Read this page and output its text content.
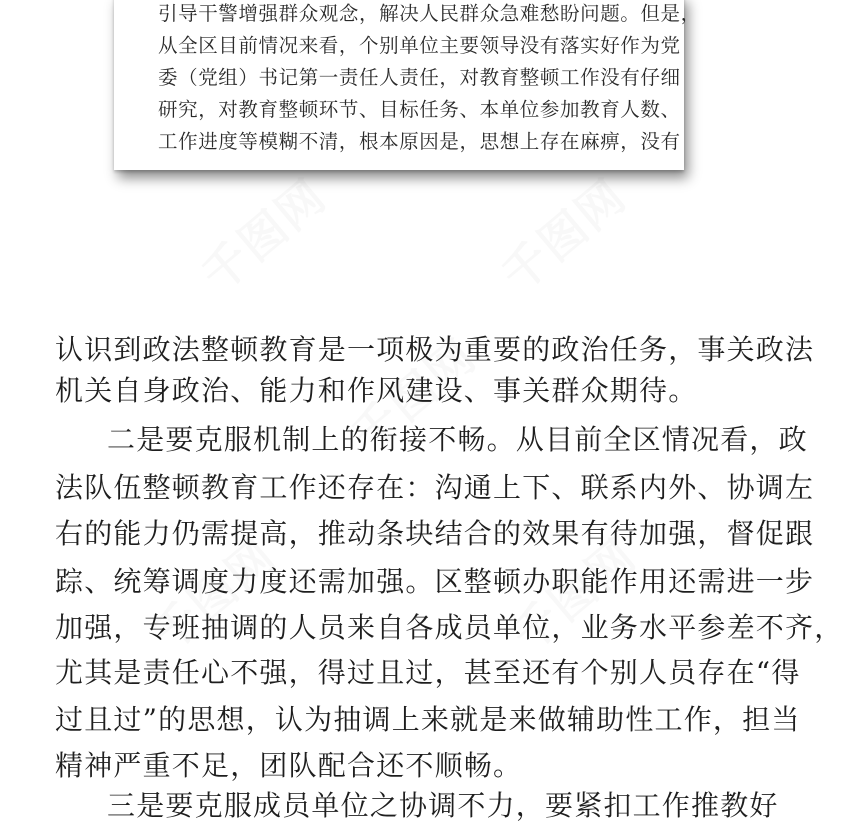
千图网	千图网
千图网
千图网	千图网
引导干警增强群众观念，解决人民群众急难愁盼问题。但是，
从全区目前情况来看，个别单位主要领导没有落实好作为党
委（党组）书记第一责任人责任，对教育整顿工作没有仔细
研究，对教育整顿环节、目标任务、本单位参加教育人数、
工作进度等模糊不清，根本原因是，思想上存在麻痹，没有
认识到政法整顿教育是一项极为重要的政治任务，事关政法
机关自身政治、能力和作风建设、事关群众期待。
二是要克服机制上的衔接不畅。从目前全区情况看，政
法队伍整顿教育工作还存在：沟通上下、联系内外、协调左
右的能力仍需提高，推动条块结合的效果有待加强，督促跟
踪、统筹调度力度还需加强。区整顿办职能作用还需进一步
加强，专班抽调的人员来自各成员单位，业务水平参差不齐，
尤其是责任心不强，得过且过，甚至还有个别人员存在“得
过且过”的思想，认为抽调上来就是来做辅助性工作，担当
精神严重不足，团队配合还不顺畅。
三是要克服成员单位之协调不力，要紧扣工作推教好
